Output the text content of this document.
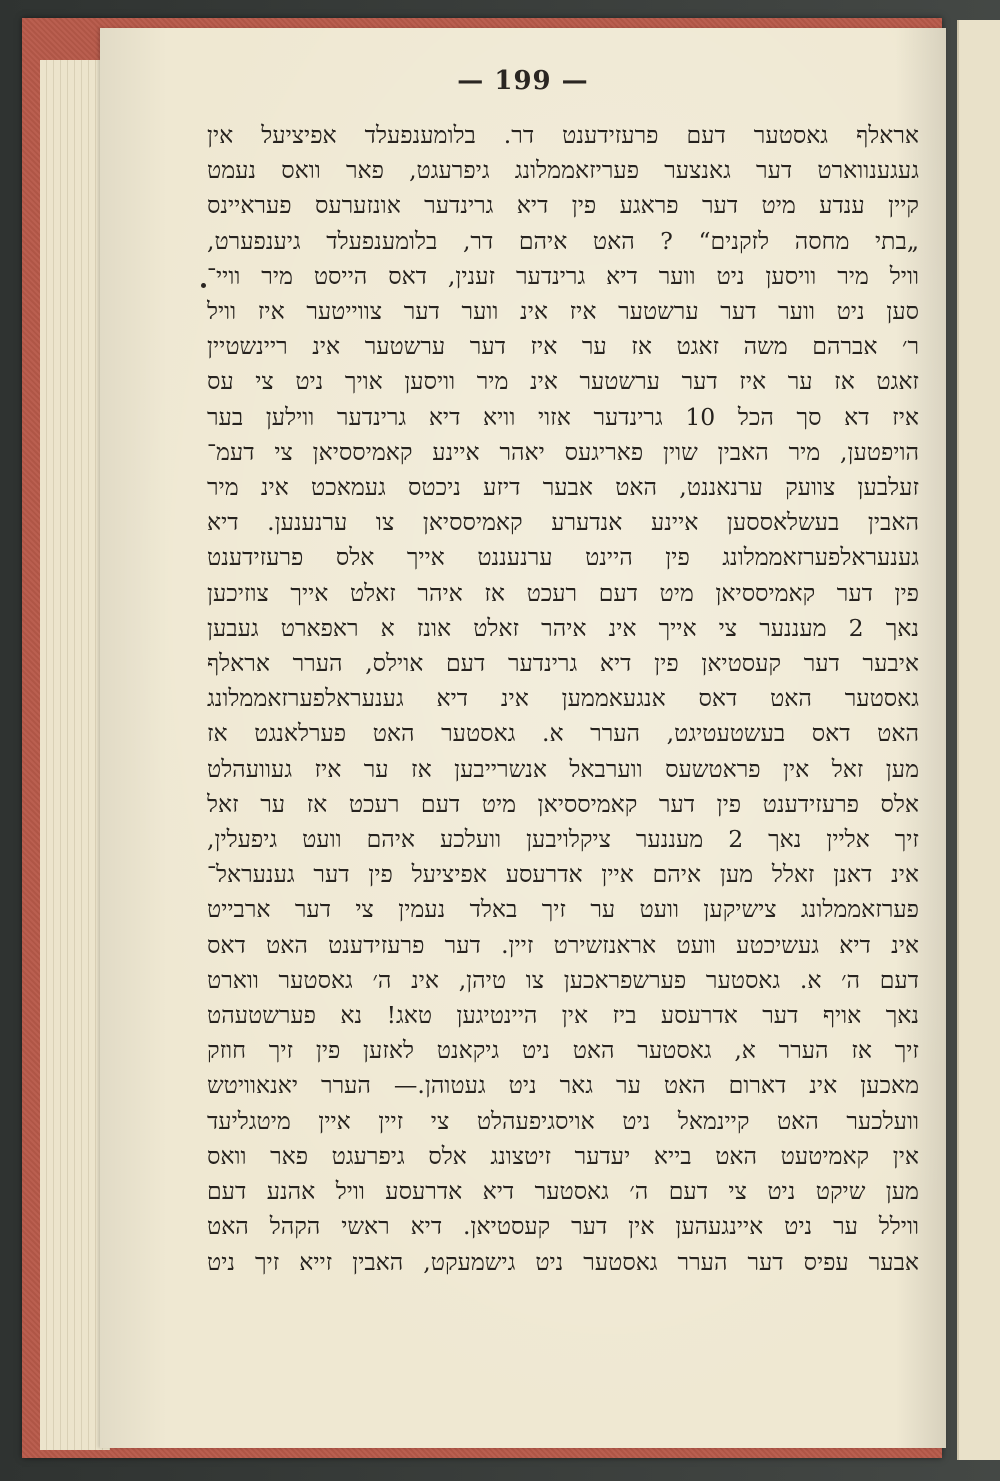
— 199 —
אראלף גאסטער דעם פרעזידענט דר. בלומענפעלד אפיציעל אין
געגענווארט דער גאנצער פעריזאממלונג גיפרעגט, פאר וואס נעמט
קיין ענדע מיט דער פראגע פין דיא גרינדער אונזערעס פעראיינס
„בתי מחסה לזקנים“ ? האט איהם דר, בלומענפעלד גיענפערט,
וויל מיר וויסען ניט ווער דיא גרינדער זענין, דאס הייסט מיר וויי־
סען ניט ווער דער ערשטער איז אינ ווער דער צווייטער איז וויל
ר׳ אברהם משה זאגט אז ער איז דער ערשטער אינ ריינשטיין
זאגט אז ער איז דער ערשטער אינ מיר וויסען אויך ניט צי עס
איז דא סך הכל 10 גרינדער אזוי וויא דיא גרינדער ווילען בער
הויפטען, מיר האבין שוין פאריגעס יאהר איינע קאמיססיאן צי דעמ־
זעלבען צוועק ערנאננט, האט אבער דיזע ניכטס געמאכט אינ מיר
האבין בעשלאססען איינע אנדערע קאמיססיאן צו ערנענען. דיא
גענעראלפערזאממלונג פין היינט ערנעננט אייך אלס פרעזידענט
פין דער קאמיססיאן מיט דעם רעכט אז איהר זאלט אייך צוזיכען
נאך 2 מעננער צי אייך אינ איהר זאלט אונז א ראפארט געבען
איבער דער קעסטיאן פין דיא גרינדער דעם אוילס, הערר אראלף
גאסטער האט דאס אנגעאממען אינ דיא גענעראלפערזאממלונג
האט דאס בעשטעטיגט, הערר א. גאסטער האט פערלאנגט אז
מען זאל אין פראטשעס ווערבאל אנשרייבען אז ער איז געוועהלט
אלס פרעזידענט פין דער קאמיססיאן מיט דעם רעכט אז ער זאל
זיך אליין נאך 2 מעננער ציקלויבען וועלכע איהם וועט גיפעלין,
אינ דאנן זאלל מען איהם איין אדרעסע אפיציעל פין דער גענעראל־
פערזאממלונג צישיקען וועט ער זיך באלד נעמין צי דער ארבייט
אינ דיא געשיכטע וועט אראנזשירט זיין. דער פרעזידענט האט דאס
דעם ה׳ א. גאסטער פערשפראכען צו טיהן, אינ ה׳ גאסטער ווארט
נאך אויף דער אדרעסע ביז אין היינטיגען טאג! נא פערשטעהט
זיך אז הערר א, גאסטער האט ניט גיקאנט לאזען פין זיך חוזק
מאכען אינ דארום האט ער גאר ניט געטוהן.— הערר יאנאוויטש
וועלכער האט קיינמאל ניט אויסגיפעהלט צי זיין איין מיטגליעד
אין קאמיטעט האט בייא יעדער זיטצונג אלס גיפרעגט פאר וואס
מען שיקט ניט צי דעם ה׳ גאסטער דיא אדרעסע וויל אהנע דעם
ווילל ער ניט איינגעהען אין דער קעסטיאן. דיא ראשי הקהל האט
אבער עפיס דער הערר גאסטער ניט גישמעקט, האבין זייא זיך ניט
